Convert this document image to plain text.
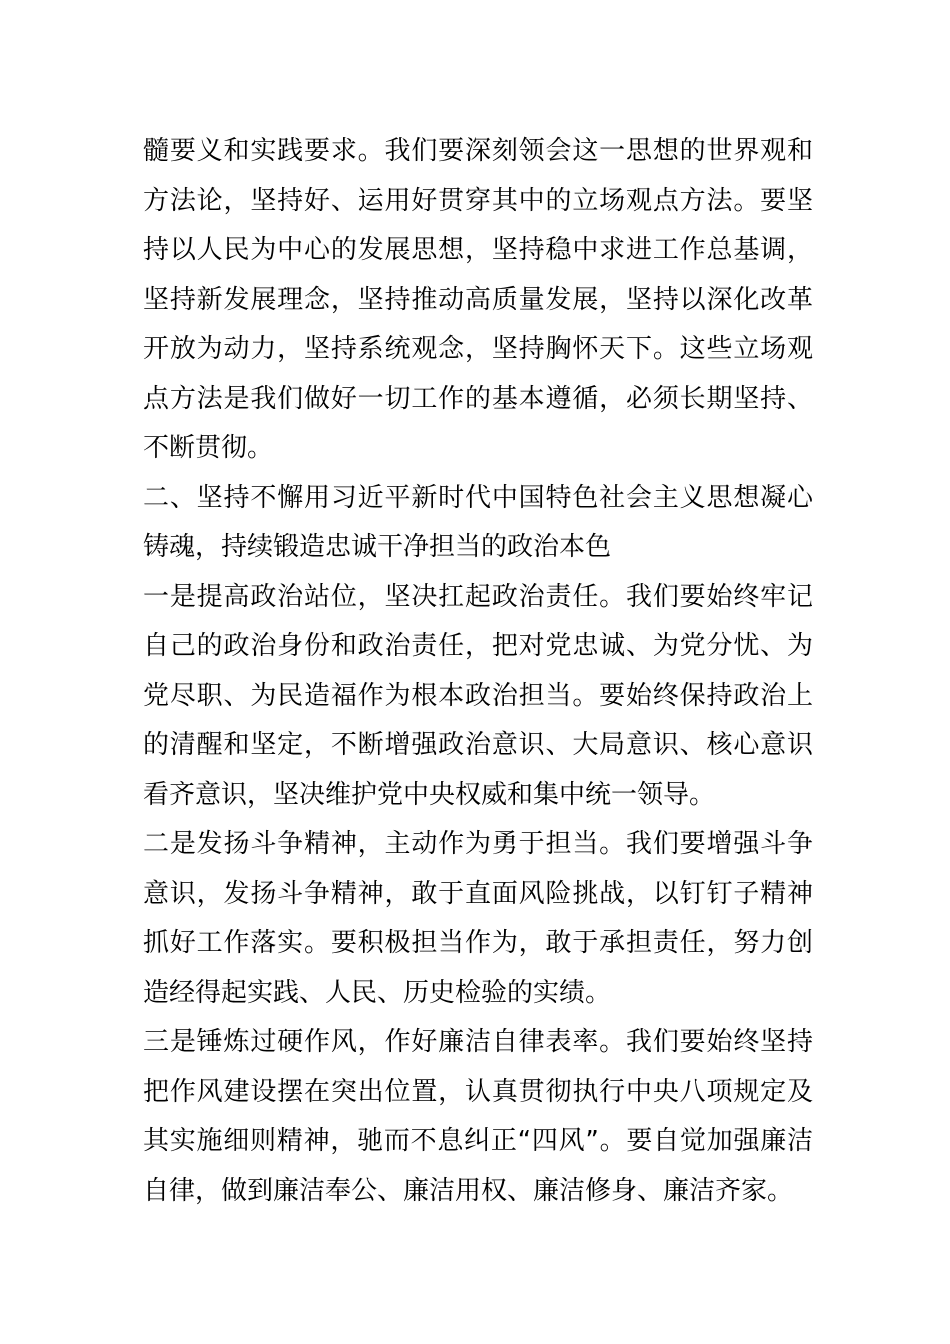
髓要义和实践要求。我们要深刻领会这一思想的世界观和方法论，坚持好、运用好贯穿其中的立场观点方法。要坚持以人民为中心的发展思想，坚持稳中求进工作总基调，坚持新发展理念，坚持推动高质量发展，坚持以深化改革开放为动力，坚持系统观念，坚持胸怀天下。这些立场观点方法是我们做好一切工作的基本遵循，必须长期坚持、不断贯彻。

二、坚持不懈用习近平新时代中国特色社会主义思想凝心铸魂，持续锻造忠诚干净担当的政治本色

一是提高政治站位，坚决扛起政治责任。我们要始终牢记自己的政治身份和政治责任，把对党忠诚、为党分忧、为党尽职、为民造福作为根本政治担当。要始终保持政治上的清醒和坚定，不断增强政治意识、大局意识、核心意识看齐意识，坚决维护党中央权威和集中统一领导。

二是发扬斗争精神，主动作为勇于担当。我们要增强斗争意识，发扬斗争精神，敢于直面风险挑战，以钉钉子精神抓好工作落实。要积极担当作为，敢于承担责任，努力创造经得起实践、人民、历史检验的实绩。

三是锤炼过硬作风，作好廉洁自律表率。我们要始终坚持把作风建设摆在突出位置，认真贯彻执行中央八项规定及其实施细则精神，驰而不息纠正“四风”。要自觉加强廉洁自律，做到廉洁奉公、廉洁用权、廉洁修身、廉洁齐家。
